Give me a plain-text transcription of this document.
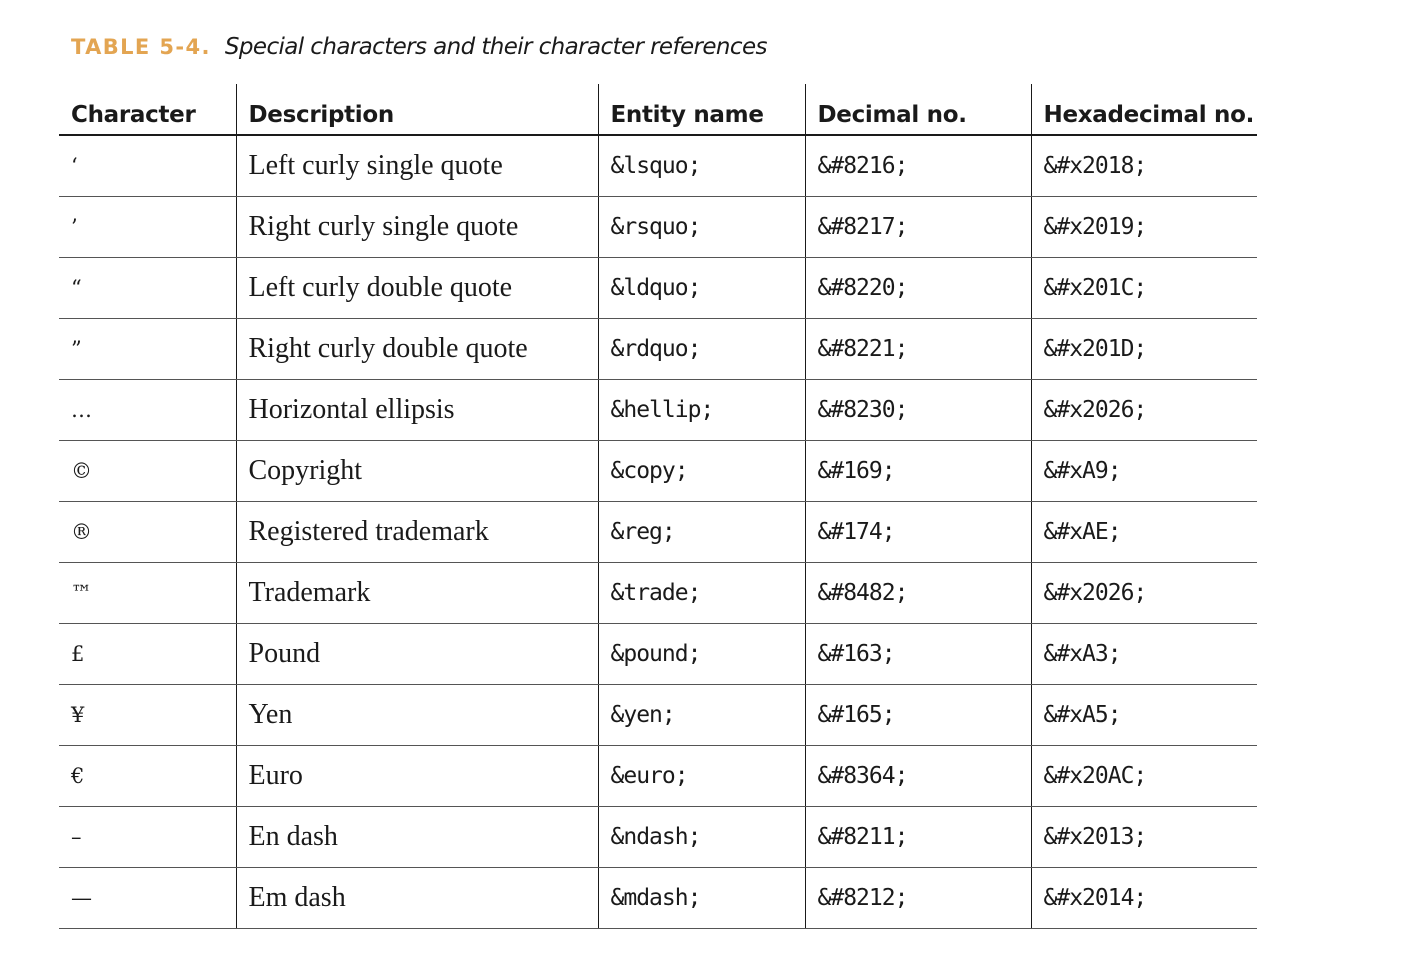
TABLE 5-4. Special characters and their character references
Character	Description	Entity name	Decimal no.	Hexadecimal no.
‘	Left curly single quote	&lsquo;	&#8216;	&#x2018;
’	Right curly single quote	&rsquo;	&#8217;	&#x2019;
“	Left curly double quote	&ldquo;	&#8220;	&#x201C;
”	Right curly double quote	&rdquo;	&#8221;	&#x201D;
…	Horizontal ellipsis	&hellip;	&#8230;	&#x2026;
©	Copyright	&copy;	&#169;	&#xA9;
®	Registered trademark	&reg;	&#174;	&#xAE;
™	Trademark	&trade;	&#8482;	&#x2026;
£	Pound	&pound;	&#163;	&#xA3;
¥	Yen	&yen;	&#165;	&#xA5;
€	Euro	&euro;	&#8364;	&#x20AC;
–	En dash	&ndash;	&#8211;	&#x2013;
—	Em dash	&mdash;	&#8212;	&#x2014;
